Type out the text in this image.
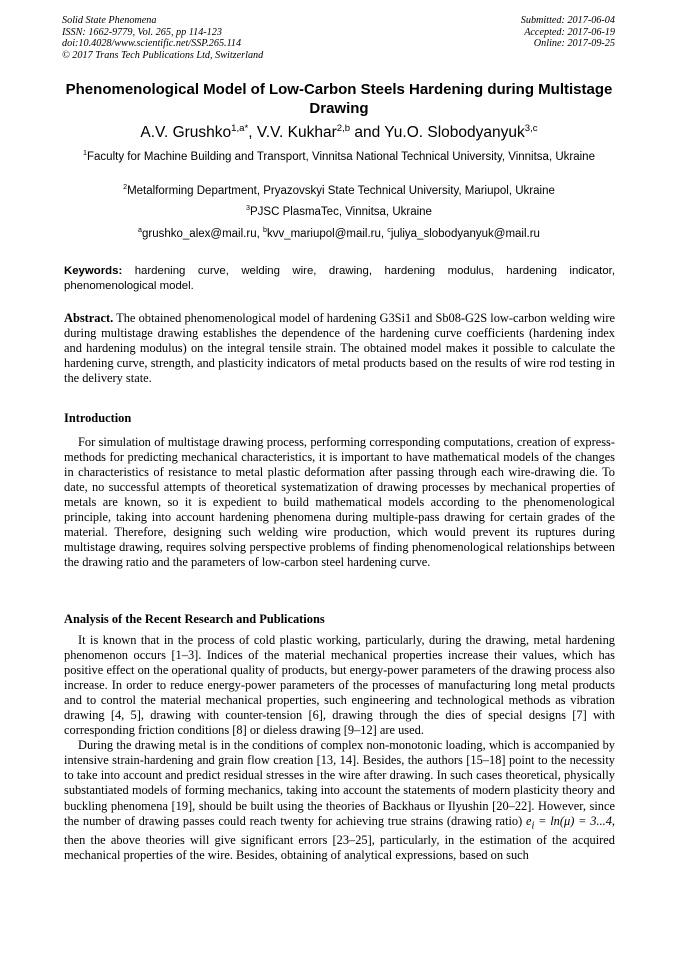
Solid State Phenomena
ISSN: 1662-9779, Vol. 265, pp 114-123
doi:10.4028/www.scientific.net/SSP.265.114
© 2017 Trans Tech Publications Ltd, Switzerland
Submitted: 2017-06-04
Accepted: 2017-06-19
Online: 2017-09-25
Phenomenological Model of Low-Carbon Steels Hardening during Multistage Drawing
A.V. Grushko$^{1,a*}$, V.V. Kukhar$^{2,b}$ and Yu.O. Slobodyanyuk$^{3,c}$
$^1$Faculty for Machine Building and Transport, Vinnitsa National Technical University, Vinnitsa, Ukraine
$^2$Metalforming Department, Pryazovskyi State Technical University, Mariupol, Ukraine
$^3$PJSC PlasmaTec, Vinnitsa, Ukraine
$^a$grushko_alex@mail.ru, $^b$kvv_mariupol@mail.ru, $^c$juliya_slobodyanyuk@mail.ru
Keywords: hardening curve, welding wire, drawing, hardening modulus, hardening indicator, phenomenological model.

Abstract. The obtained phenomenological model of hardening G3Si1 and Sb08-G2S low-carbon welding wire during multistage drawing establishes the dependence of the hardening curve coefficients (hardening index and hardening modulus) on the integral tensile strain. The obtained model makes it possible to calculate the hardening curve, strength, and plasticity indicators of metal products based on the results of wire rod testing in the delivery state.

Introduction

For simulation of multistage drawing process, performing corresponding computations, creation of express-methods for predicting mechanical characteristics, it is important to have mathematical models of the changes in characteristics of resistance to metal plastic deformation after passing through each wire-drawing die. To date, no successful attempts of theoretical systematization of drawing processes by mechanical properties of metals are known, so it is expedient to build mathematical models according to the phenomenological principle, taking into account hardening phenomena during multiple-pass drawing for certain grades of the material. Therefore, designing such welding wire production, which would prevent its ruptures during multistage drawing, requires solving perspective problems of finding phenomenological relationships between the drawing ratio and the parameters of low-carbon steel hardening curve.

Analysis of the Recent Research and Publications

It is known that in the process of cold plastic working, particularly, during the drawing, metal hardening phenomenon occurs [1–3]. Indices of the material mechanical properties increase their values, which has positive effect on the operational quality of products, but energy-power parameters of the drawing process also increase. In order to reduce energy-power parameters of the processes of manufacturing long metal products and to control the material mechanical properties, such engineering and technological methods as vibration drawing [4, 5], drawing with counter-tension [6], drawing through the dies of special designs [7] with corresponding friction conditions [8] or dieless drawing [9–12] are used.

During the drawing metal is in the conditions of complex non-monotonic loading, which is accompanied by intensive strain-hardening and grain flow creation [13, 14]. Besides, the authors [15–18] point to the necessity to take into account and predict residual stresses in the wire after drawing. In such cases theoretical, physically substantiated models of forming mechanics, taking into account the statements of modern plasticity theory and buckling phenomena [19], should be built using the theories of Backhaus or Ilyushin [20–22]. However, since the number of drawing passes could reach twenty for achieving true strains (drawing ratio) $e_i = \ln(\mu) = 3...4$, then the above theories will give significant errors [23–25], particularly, in the estimation of the acquired mechanical properties of the wire. Besides, obtaining of analytical expressions, based on such
